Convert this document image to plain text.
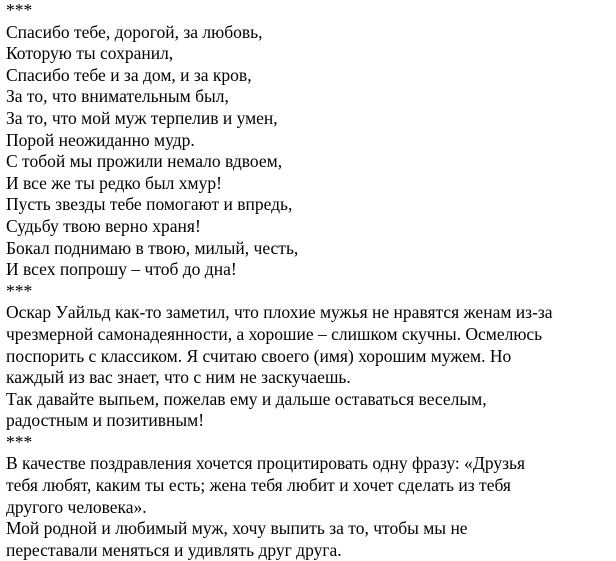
***
Спасибо тебе, дорогой, за любовь,
Которую ты сохранил,
Спасибо тебе и за дом, и за кров,
За то, что внимательным был,
За то, что мой муж терпелив и умен,
Порой неожиданно мудр.
С тобой мы прожили немало вдвоем,
И все же ты редко был хмур!
Пусть звезды тебе помогают и впредь,
Судьбу твою верно храня!
Бокал поднимаю в твою, милый, честь,
И всех попрошу – чтоб до дна!
***
Оскар Уайльд как-то заметил, что плохие мужья не нравятся женам из-за
чрезмерной самонадеянности, а хорошие – слишком скучны. Осмелюсь
поспорить с классиком. Я считаю своего (имя) хорошим мужем. Но
каждый из вас знает, что с ним не заскучаешь.
Так давайте выпьем, пожелав ему и дальше оставаться веселым,
радостным и позитивным!
***
В качестве поздравления хочется процитировать одну фразу: «Друзья
тебя любят, каким ты есть; жена тебя любит и хочет сделать из тебя
другого человека».
Мой родной и любимый муж, хочу выпить за то, чтобы мы не
переставали меняться и удивлять друг друга.
